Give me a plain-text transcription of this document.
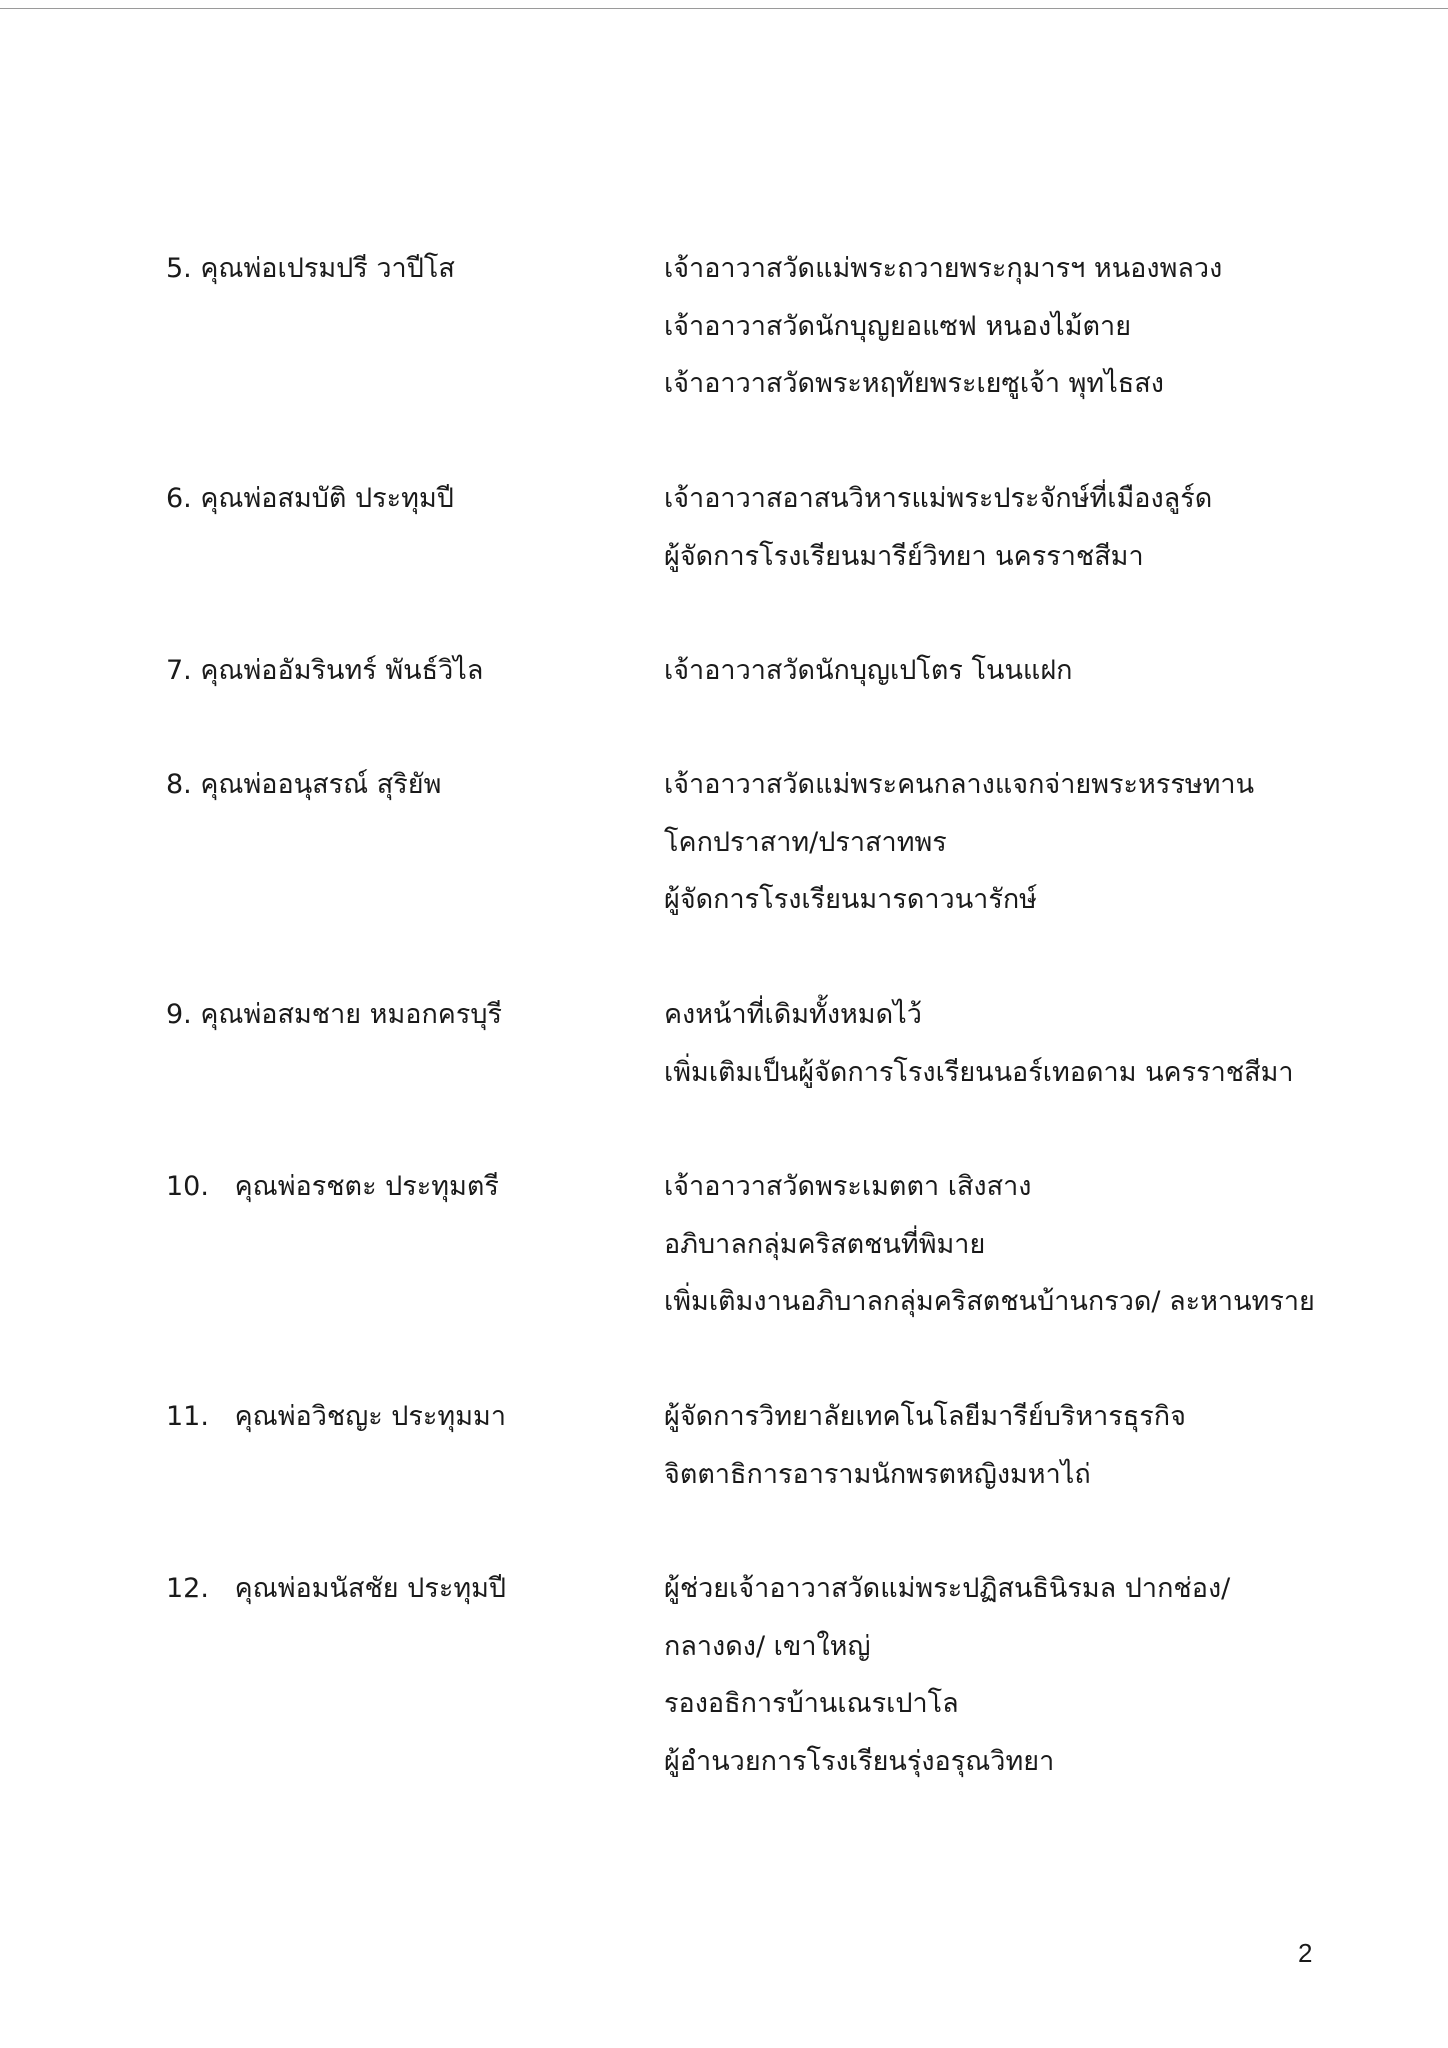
5. คุณพ่อเปรมปรี วาปีโส	เจ้าอาวาสวัดแม่พระถวายพระกุมารฯ หนองพลวง
เจ้าอาวาสวัดนักบุญยอแซฟ หนองไม้ตาย
เจ้าอาวาสวัดพระหฤทัยพระเยซูเจ้า พุทไธสง
6. คุณพ่อสมบัติ ประทุมปี	เจ้าอาวาสอาสนวิหารแม่พระประจักษ์ที่เมืองลูร์ด
ผู้จัดการโรงเรียนมารีย์วิทยา นครราชสีมา
7. คุณพ่ออัมรินทร์ พันธ์วิไล	เจ้าอาวาสวัดนักบุญเปโตร โนนแฝก
8. คุณพ่ออนุสรณ์ สุริยัพ	เจ้าอาวาสวัดแม่พระคนกลางแจกจ่ายพระหรรษทาน
โคกปราสาท/ปราสาทพร
ผู้จัดการโรงเรียนมารดาวนารักษ์
9. คุณพ่อสมชาย หมอกครบุรี	คงหน้าที่เดิมทั้งหมดไว้
เพิ่มเติมเป็นผู้จัดการโรงเรียนนอร์เทอดาม นครราชสีมา
10. คุณพ่อรชตะ ประทุมตรี	เจ้าอาวาสวัดพระเมตตา เสิงสาง
อภิบาลกลุ่มคริสตชนที่พิมาย
เพิ่มเติมงานอภิบาลกลุ่มคริสตชนบ้านกรวด/ ละหานทราย
11. คุณพ่อวิชญะ ประทุมมา	ผู้จัดการวิทยาลัยเทคโนโลยีมารีย์บริหารธุรกิจ
จิตตาธิการอารามนักพรตหญิงมหาไถ่
12. คุณพ่อมนัสชัย ประทุมปี	ผู้ช่วยเจ้าอาวาสวัดแม่พระปฏิสนธินิรมล ปากช่อง/
กลางดง/ เขาใหญ่
รองอธิการบ้านเณรเปาโล
ผู้อำนวยการโรงเรียนรุ่งอรุณวิทยา
2
